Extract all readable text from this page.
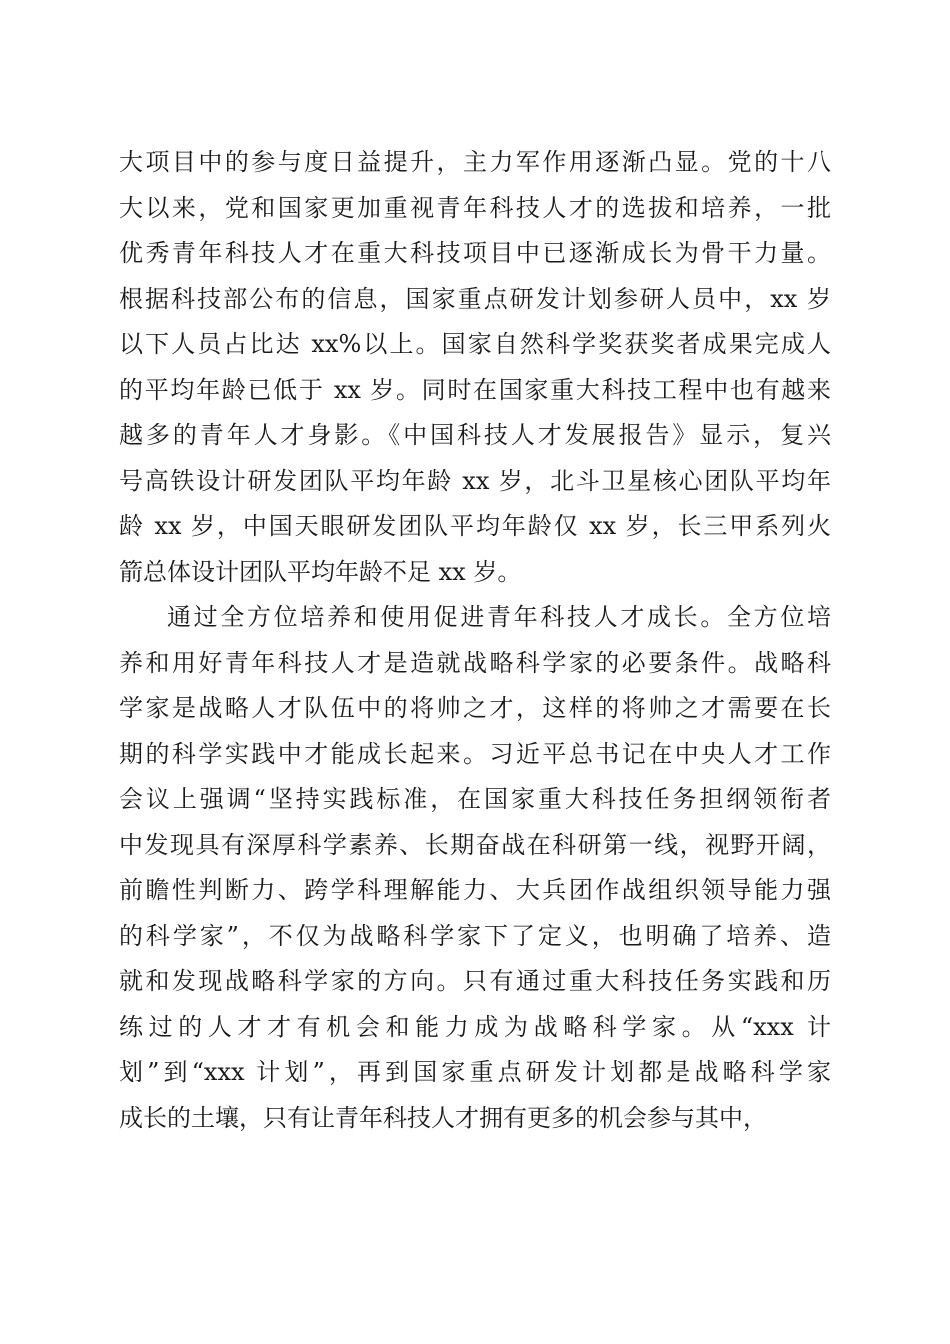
大项目中的参与度日益提升，主力军作用逐渐凸显。党的十八
大以来，党和国家更加重视青年科技人才的选拔和培养，一批
优秀青年科技人才在重大科技项目中已逐渐成长为骨干力量。
根据科技部公布的信息，国家重点研发计划参研人员中，xx 岁
以下人员占比达 xx%以上。国家自然科学奖获奖者成果完成人
的平均年龄已低于 xx 岁。同时在国家重大科技工程中也有越来
越多的青年人才身影。《中国科技人才发展报告》显示，复兴
号高铁设计研发团队平均年龄 xx 岁，北斗卫星核心团队平均年
龄 xx 岁，中国天眼研发团队平均年龄仅 xx 岁，长三甲系列火
箭总体设计团队平均年龄不足 xx 岁。
通过全方位培养和使用促进青年科技人才成长。全方位培
养和用好青年科技人才是造就战略科学家的必要条件。战略科
学家是战略人才队伍中的将帅之才，这样的将帅之才需要在长
期的科学实践中才能成长起来。习近平总书记在中央人才工作
会议上强调“坚持实践标准，在国家重大科技任务担纲领衔者
中发现具有深厚科学素养、长期奋战在科研第一线，视野开阔，
前瞻性判断力、跨学科理解能力、大兵团作战组织领导能力强
的科学家”，不仅为战略科学家下了定义，也明确了培养、造
就和发现战略科学家的方向。只有通过重大科技任务实践和历
练过的人才才有机会和能力成为战略科学家。从“xxx 计
划”到“xxx 计划”，再到国家重点研发计划都是战略科学家
成长的土壤，只有让青年科技人才拥有更多的机会参与其中，
